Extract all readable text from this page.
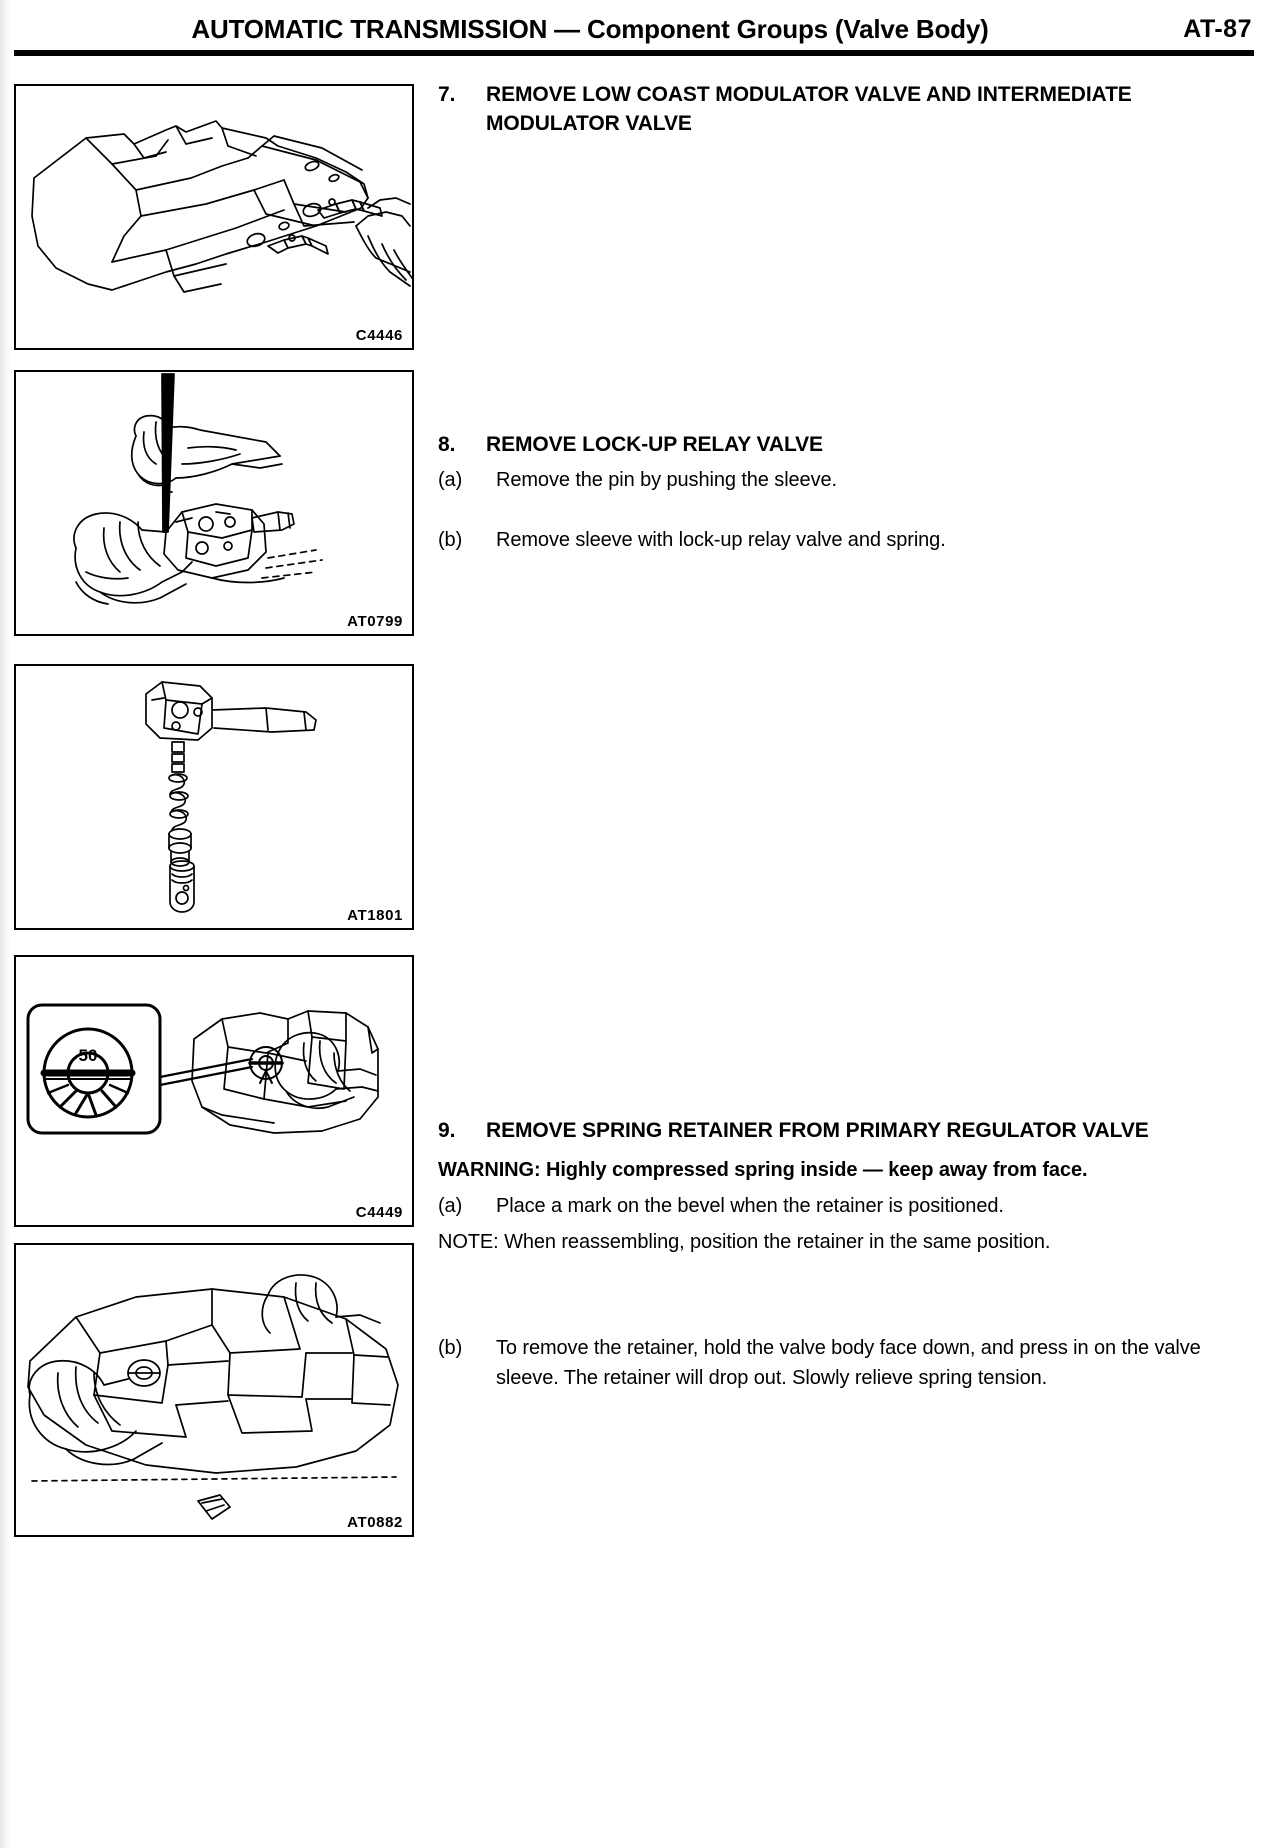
AUTOMATIC TRANSMISSION — Component Groups (Valve Body)	AT-87
C4446
AT0799
AT1801
50
C4449
AT0882
7.	REMOVE LOW COAST MODULATOR VALVE AND INTERMEDIATE MODULATOR VALVE
8.	REMOVE LOCK-UP RELAY VALVE
(a)	Remove the pin by pushing the sleeve.
(b)	Remove sleeve with lock-up relay valve and spring.
9.	REMOVE SPRING RETAINER FROM PRIMARY REGULATOR VALVE
WARNING: Highly compressed spring inside — keep away from face.
(a)	Place a mark on the bevel when the retainer is positioned.
NOTE: When reassembling, position the retainer in the same position.
(b)	To remove the retainer, hold the valve body face down, and press in on the valve sleeve. The retainer will drop out. Slowly relieve spring tension.
